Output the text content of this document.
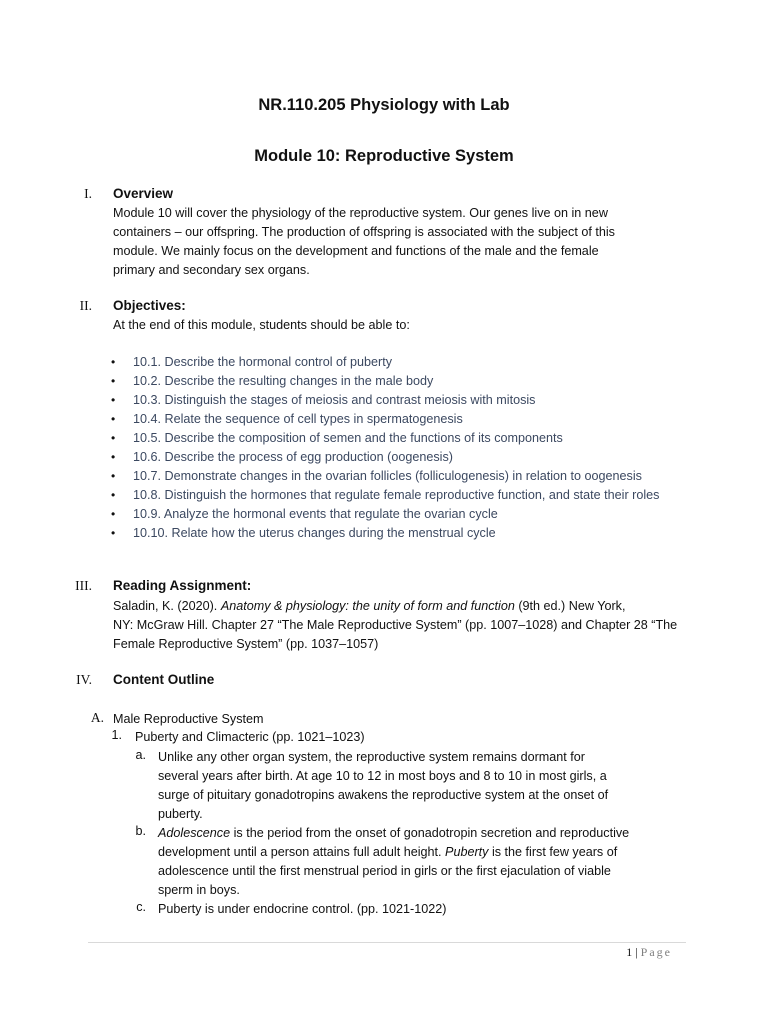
NR.110.205 Physiology with Lab
Module 10: Reproductive System
I. Overview

Module 10 will cover the physiology of the reproductive system. Our genes live on in new

containers – our offspring. The production of offspring is associated with the subject of this

module. We mainly focus on the development and functions of the male and the female

primary and secondary sex organs.

II. Objectives:
At the end of this module, students should be able to:
• 10.1. Describe the hormonal control of puberty
• 10.2. Describe the resulting changes in the male body
• 10.3. Distinguish the stages of meiosis and contrast meiosis with mitosis
• 10.4. Relate the sequence of cell types in spermatogenesis
• 10.5. Describe the composition of semen and the functions of its components
• 10.6. Describe the process of egg production (oogenesis)
• 10.7. Demonstrate changes in the ovarian follicles (folliculogenesis) in relation to oogenesis
• 10.8. Distinguish the hormones that regulate female reproductive function, and state their roles
• 10.9. Analyze the hormonal events that regulate the ovarian cycle
• 10.10. Relate how the uterus changes during the menstrual cycle
III. Reading Assignment:

Saladin, K. (2020). Anatomy & physiology: the unity of form and function (9th ed.) New York,

NY: McGraw Hill. Chapter 27 “The Male Reproductive System” (pp. 1007–1028) and Chapter 28 “The

Female Reproductive System” (pp. 1037–1057)

IV. Content Outline
A. Male Reproductive System
1. Puberty and Climacteric (pp. 1021–1023)
a. Unlike any other organ system, the reproductive system remains dormant for
several years after birth. At age 10 to 12 in most boys and 8 to 10 in most girls, a
surge of pituitary gonadotropins awakens the reproductive system at the onset of
puberty.
b. Adolescence is the period from the onset of gonadotropin secretion and reproductive
development until a person attains full adult height. Puberty is the first few years of
adolescence until the first menstrual period in girls or the first ejaculation of viable
sperm in boys.
c. Puberty is under endocrine control. (pp. 1021-1022)
1 | Page
